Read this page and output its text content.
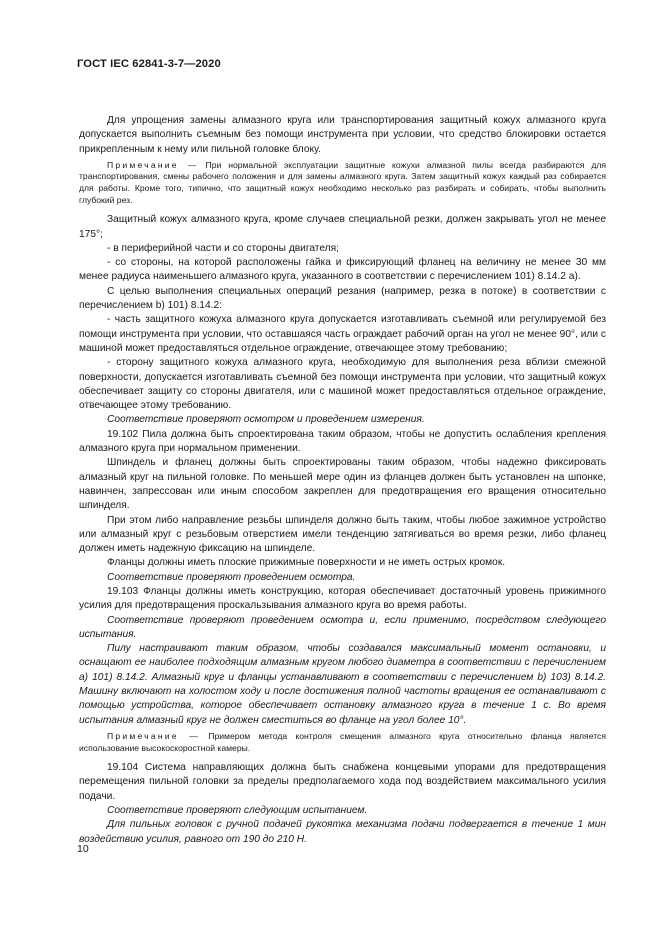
ГОСТ IEC 62841-3-7—2020

Для упрощения замены алмазного круга или транспортирования защитный кожух алмазного круга допускается выполнить съемным без помощи инструмента при условии, что средство блокировки остается прикрепленным к нему или пильной головке блоку.

Примечание — При нормальной эксплуатации защитные кожухи алмазной пилы всегда разбираются для транспортирования, смены рабочего положения и для замены алмазного круга. Затем защитный кожух каждый раз собирается для работы. Кроме того, типично, что защитный кожух необходимо несколько раз разбирать и собирать, чтобы выполнить глубокий рез.

Защитный кожух алмазного круга, кроме случаев специальной резки, должен закрывать угол не менее 175°;

- в периферийной части и со стороны двигателя;

- со стороны, на которой расположены гайка и фиксирующий фланец на величину не менее 30 мм менее радиуса наименьшего алмазного круга, указанного в соответствии с перечислением 101) 8.14.2 а).

С целью выполнения специальных операций резания (например, резка в потоке) в соответствии с перечислением b) 101) 8.14.2:

- часть защитного кожуха алмазного круга допускается изготавливать съемной или регулируемой без помощи инструмента при условии, что оставшаяся часть ограждает рабочий орган на угол не менее 90°, или с машиной может предоставляться отдельное ограждение, отвечающее этому требованию;

- сторону защитного кожуха алмазного круга, необходимую для выполнения реза вблизи смежной поверхности, допускается изготавливать съемной без помощи инструмента при условии, что защитный кожух обеспечивает защиту со стороны двигателя, или с машиной может предоставляться отдельное ограждение, отвечающее этому требованию.

Соответствие проверяют осмотром и проведением измерения.

19.102 Пила должна быть спроектирована таким образом, чтобы не допустить ослабления крепления алмазного круга при нормальном применении.

Шпиндель и фланец должны быть спроектированы таким образом, чтобы надежно фиксировать алмазный круг на пильной головке. По меньшей мере один из фланцев должен быть установлен на шпонке, навинчен, запрессован или иным способом закреплен для предотвращения его вращения относительно шпинделя.

При этом либо направление резьбы шпинделя должно быть таким, чтобы любое зажимное устройство или алмазный круг с резьбовым отверстием имели тенденцию затягиваться во время резки, либо фланец должен иметь надежную фиксацию на шпинделе.

Фланцы должны иметь плоские прижимные поверхности и не иметь острых кромок.

Соответствие проверяют проведением осмотра.

19.103 Фланцы должны иметь конструкцию, которая обеспечивает достаточный уровень прижимного усилия для предотвращения проскальзывания алмазного круга во время работы.

Соответствие проверяют проведением осмотра и, если применимо, посредством следующего испытания.

Пилу настраивают таким образом, чтобы создавался максимальный момент остановки, и оснащают ее наиболее подходящим алмазным кругом любого диаметра в соответствии с перечислением а) 101) 8.14.2. Алмазный круг и фланцы устанавливают в соответствии с перечислением b) 103) 8.14.2. Машину включают на холостом ходу и после достижения полной частоты вращения ее останавливают с помощью устройства, которое обеспечивает остановку алмазного круга в течение 1 с. Во время испытания алмазный круг не должен сместиться во фланце на угол более 10°.

Примечание — Примером метода контроля смещения алмазного круга относительно фланца является использование высокоскоростной камеры.

19.104 Система направляющих должна быть снабжена концевыми упорами для предотвращения перемещения пильной головки за пределы предполагаемого хода под воздействием максимального усилия подачи.

Соответствие проверяют следующим испытанием.

Для пильных головок с ручной подачей рукоятка механизма подачи подвергается в течение 1 мин воздействию усилия, равного от 190 до 210 Н.

10
